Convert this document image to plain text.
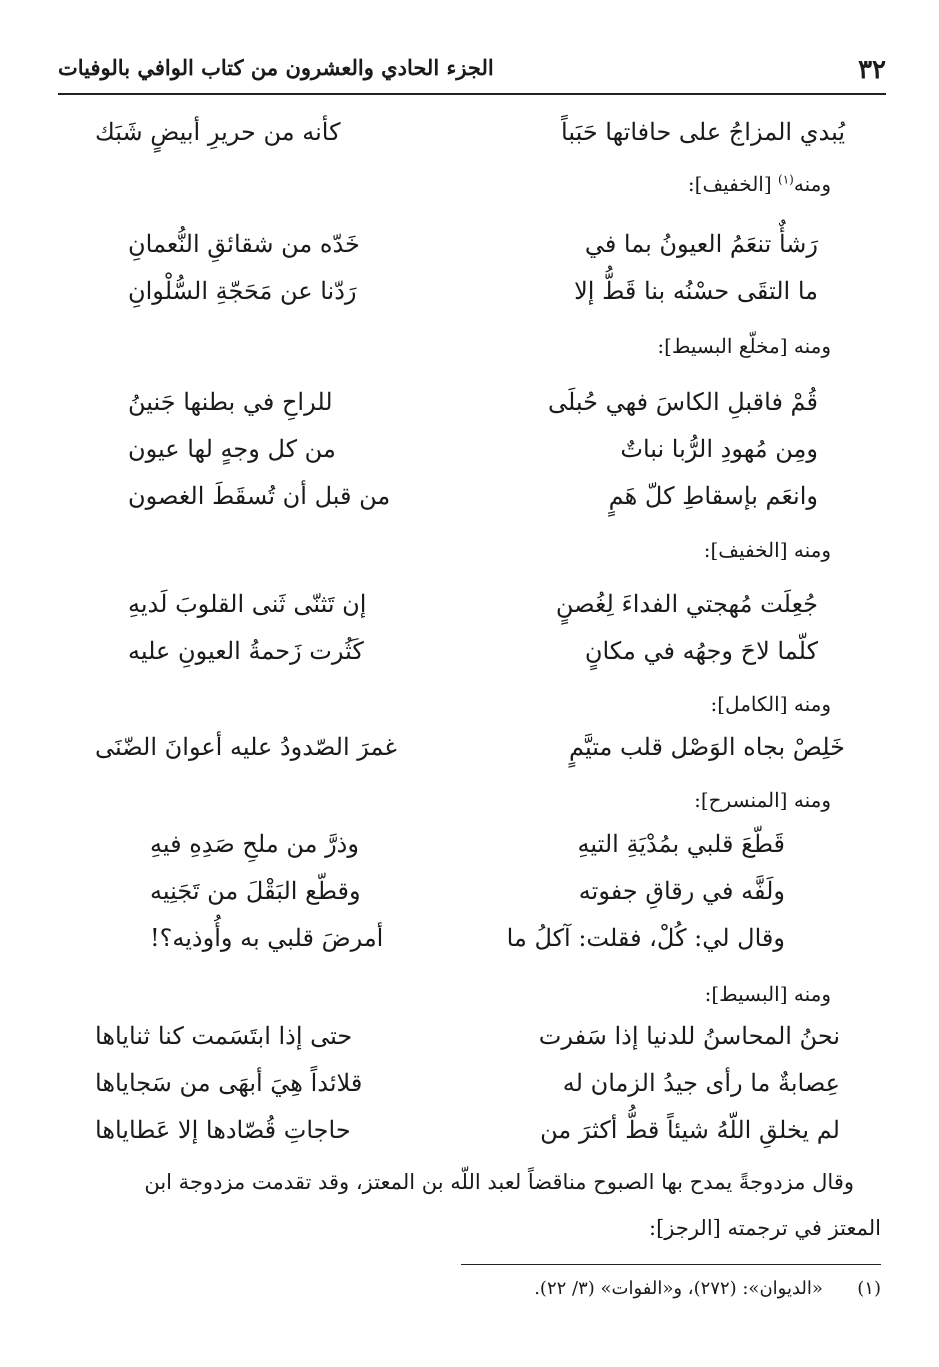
٣٢
الجزء الحادي والعشرون من كتاب الوافي بالوفيات
يُبدي المزاجُ على حافاتها حَبَباً
كأنه من حريرِ أبيضٍ شَبَك
ومنه$^{(١)}$ [الخفيف]:
رَشأٌ تنعَمُ العيونُ بما في
خَدّه من شقائقِ النُّعمانِ
ما التقَى حسْنُه بنا قَطُّ إلا
رَدّنا عن مَحَجّةِ السُّلْوانِ
ومنه [مخلّع البسيط]:
قُمْ فاقبلِ الكاسَ فهي حُبلَى
للراحِ في بطنها جَنينُ
ومِن مُهودِ الرُّبا نباتٌ
من كل وجهٍ لها عيون
وانعَم بإسقاطِ كلّ هَمٍ
من قبل أن تُسقَطَ الغصون
ومنه [الخفيف]:
جُعِلَت مُهجتي الفداءَ لِغُصنٍ
إن تَثنّى ثَنى القلوبَ لَديهِ
كلّما لاحَ وجهُه في مكانٍ
كَثُرت زَحمةُ العيونِ عليه
ومنه [الكامل]:
خَلِصْ بجاه الوَصْل قلب متيَّمٍ
غمرَ الصّدودُ عليه أعوانَ الضّنَى
ومنه [المنسرح]:
قَطّعَ قلبي بمُدْيَةِ التيهِ
وذرَّ من ملحِ صَدِهِ فيهِ
ولَفَّه في رقاقِ جفوته
وقطّع البَقْلَ من تَجَنِيه
وقال لي: كُلْ، فقلت: آكلُ ما
أمرضَ قلبي به وأُوذيه؟!
ومنه [البسيط]:
نحنُ المحاسنُ للدنيا إذا سَفرت
حتى إذا ابتَسَمت كنا ثناياها
عِصابةٌ ما رأى جيدُ الزمان له
قلائداً هِيَ أبهَى من سَجاياها
لم يخلقِ اللّهُ شيئاً قطُّ أكثرَ من
حاجاتِ قُصّادها إلا عَطاياها
وقال مزدوجةً يمدح بها الصبوح مناقضاً لعبد اللّه بن المعتز، وقد تقدمت مزدوجة ابن
المعتز في ترجمته [الرجز]:
(١)      «الديوان»: (٢٧٢)، و«الفوات» (٣/ ٢٢).
